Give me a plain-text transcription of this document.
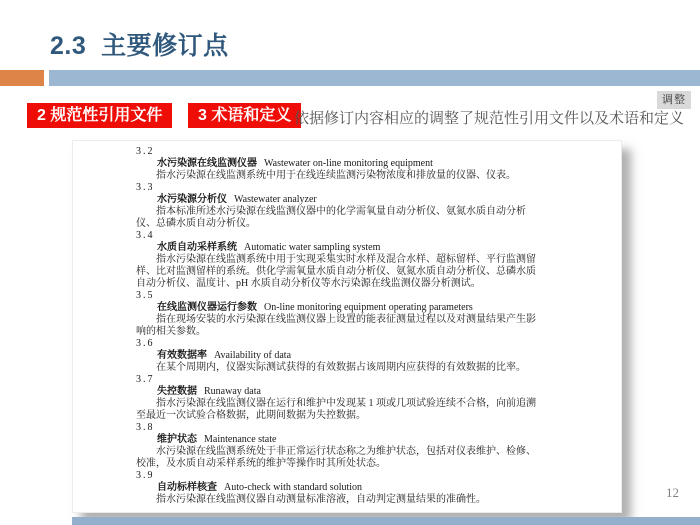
2.3  主要修订点
调整
2 规范性引用文件	3 术语和定义 依据修订内容相应的调整了规范性引用文件以及术语和定义
3.2
水污染源在线监测仪器 Wastewater on-line monitoring equipment
指水污染源在线监测系统中用于在线连续监测污染物浓度和排放量的仪器、仪表。
3.3
水污染源分析仪 Wastewater analyzer
指本标准所述水污染源在线监测仪器中的化学需氧量自动分析仪、氨氮水质自动分析仪、总磷水质自动分析仪。
3.4
水质自动采样系统 Automatic water sampling system
指水污染源在线监测系统中用于实现采集实时水样及混合水样、超标留样、平行监测留样、比对监测留样的系统。供化学需氧量水质自动分析仪、氨氮水质自动分析仪、总磷水质自动分析仪、温度计、pH 水质自动分析仪等水污染源在线监测仪器分析测试。
3.5
在线监测仪器运行参数 On-line monitoring equipment operating parameters
指在现场安装的水污染源在线监测仪器上设置的能表征测量过程以及对测量结果产生影响的相关参数。
3.6
有效数据率 Availability of data
在某个周期内，仪器实际测试获得的有效数据占该周期内应获得的有效数据的比率。
3.7
失控数据 Runaway data
指水污染源在线监测仪器在运行和维护中发现某 1 项或几项试验连续不合格，向前追溯至最近一次试验合格数据，此期间数据为失控数据。
3.8
维护状态 Maintenance state
水污染源在线监测系统处于非正常运行状态称之为维护状态，包括对仪表维护、检修、校准，及水质自动采样系统的维护等操作时其所处状态。
3.9
自动标样核查 Auto-check with standard solution
指水污染源在线监测仪器自动测量标准溶液，自动判定测量结果的准确性。	12
